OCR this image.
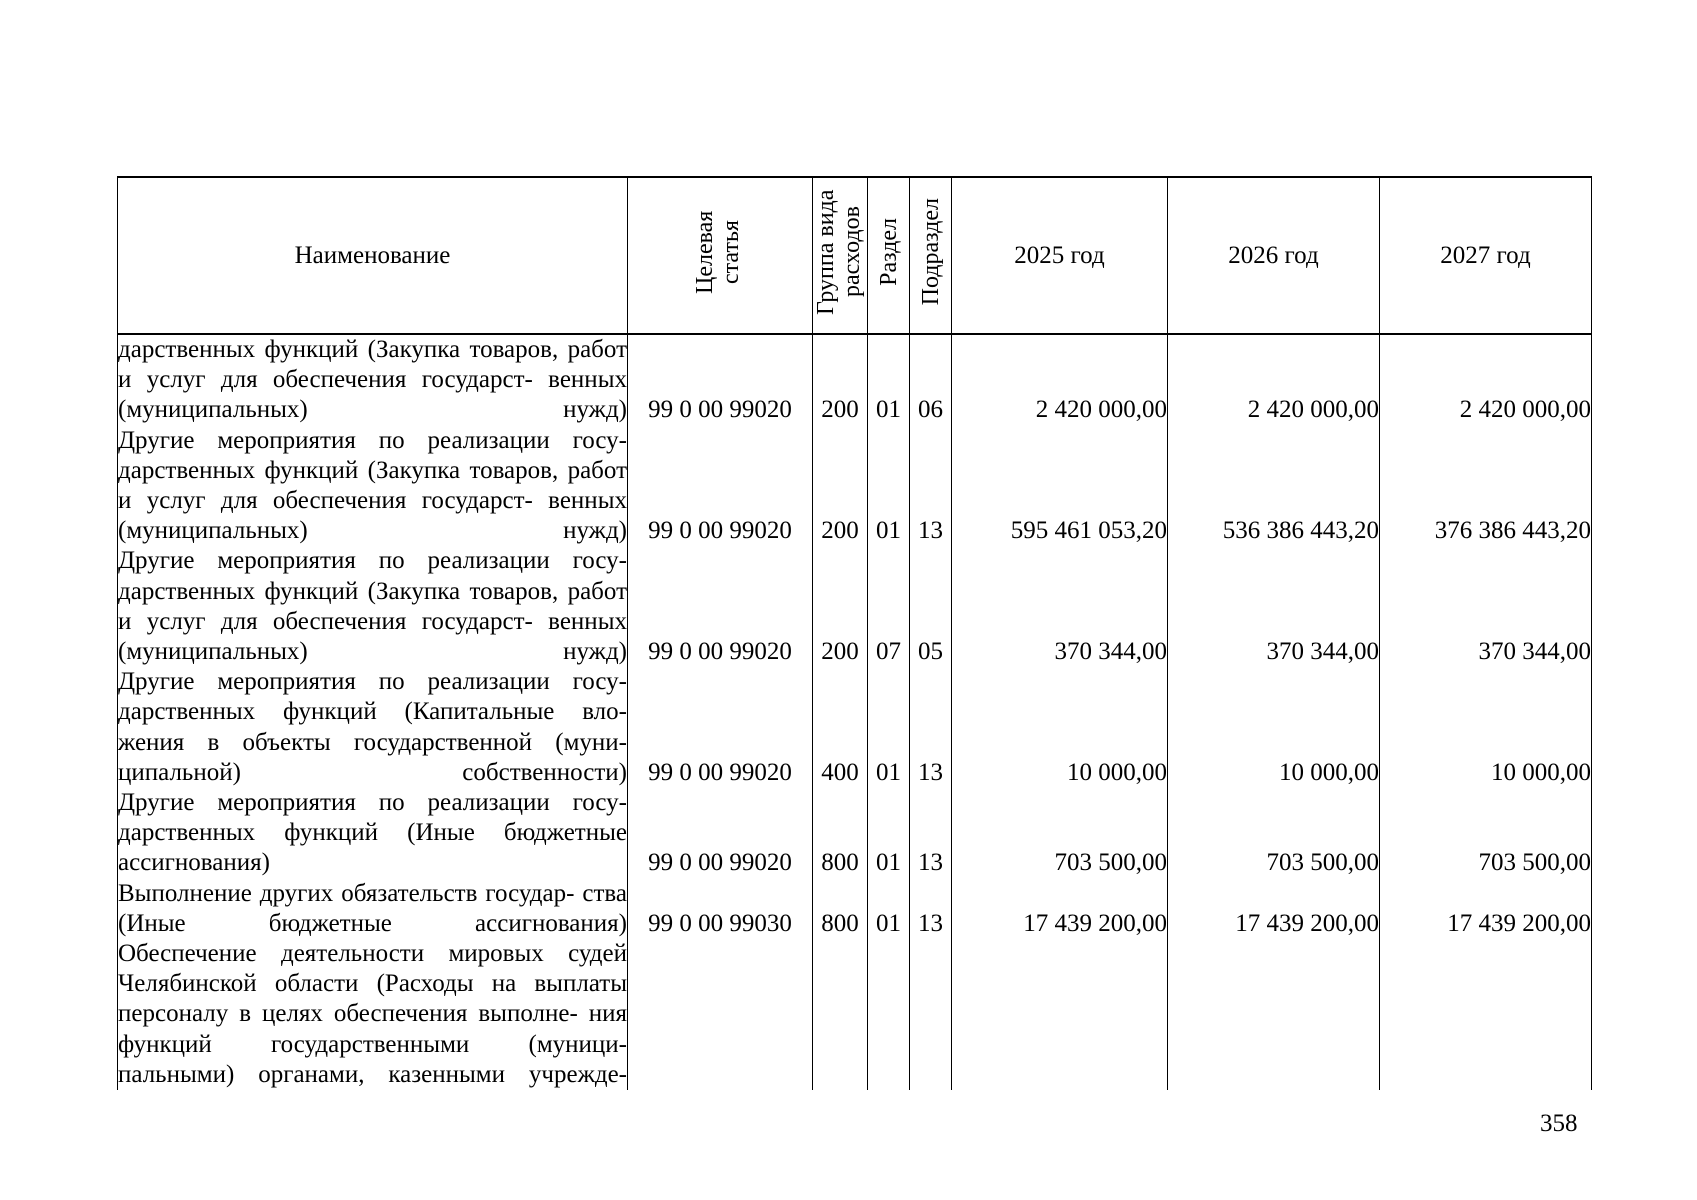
Наименование	Целевая статья	Группа вида расходов	Раздел	Подраздел	2025 год	2026 год	2027 год
дарственных функций (Закупка товаров, работ и услуг для обеспечения государст- венных (муниципальных) нужд)	99 0 00 99020	200	01	06	2 420 000,00	2 420 000,00	2 420 000,00
Другие мероприятия по реализации госу- дарственных функций (Закупка товаров, работ и услуг для обеспечения государст- венных (муниципальных) нужд)	99 0 00 99020	200	01	13	595 461 053,20	536 386 443,20	376 386 443,20
Другие мероприятия по реализации госу- дарственных функций (Закупка товаров, работ и услуг для обеспечения государст- венных (муниципальных) нужд)	99 0 00 99020	200	07	05	370 344,00	370 344,00	370 344,00
Другие мероприятия по реализации госу- дарственных функций (Капитальные вло- жения в объекты государственной (муни- ципальной) собственности)	99 0 00 99020	400	01	13	10 000,00	10 000,00	10 000,00
Другие мероприятия по реализации госу- дарственных функций (Иные бюджетные ассигнования)	99 0 00 99020	800	01	13	703 500,00	703 500,00	703 500,00
Выполнение других обязательств государ- ства (Иные бюджетные ассигнования)	99 0 00 99030	800	01	13	17 439 200,00	17 439 200,00	17 439 200,00
Обеспечение деятельности мировых судей Челябинской области (Расходы на выплаты персоналу в целях обеспечения выполне- ния функций государственными (муници- пальными) органами, казенными учрежде-							
358
